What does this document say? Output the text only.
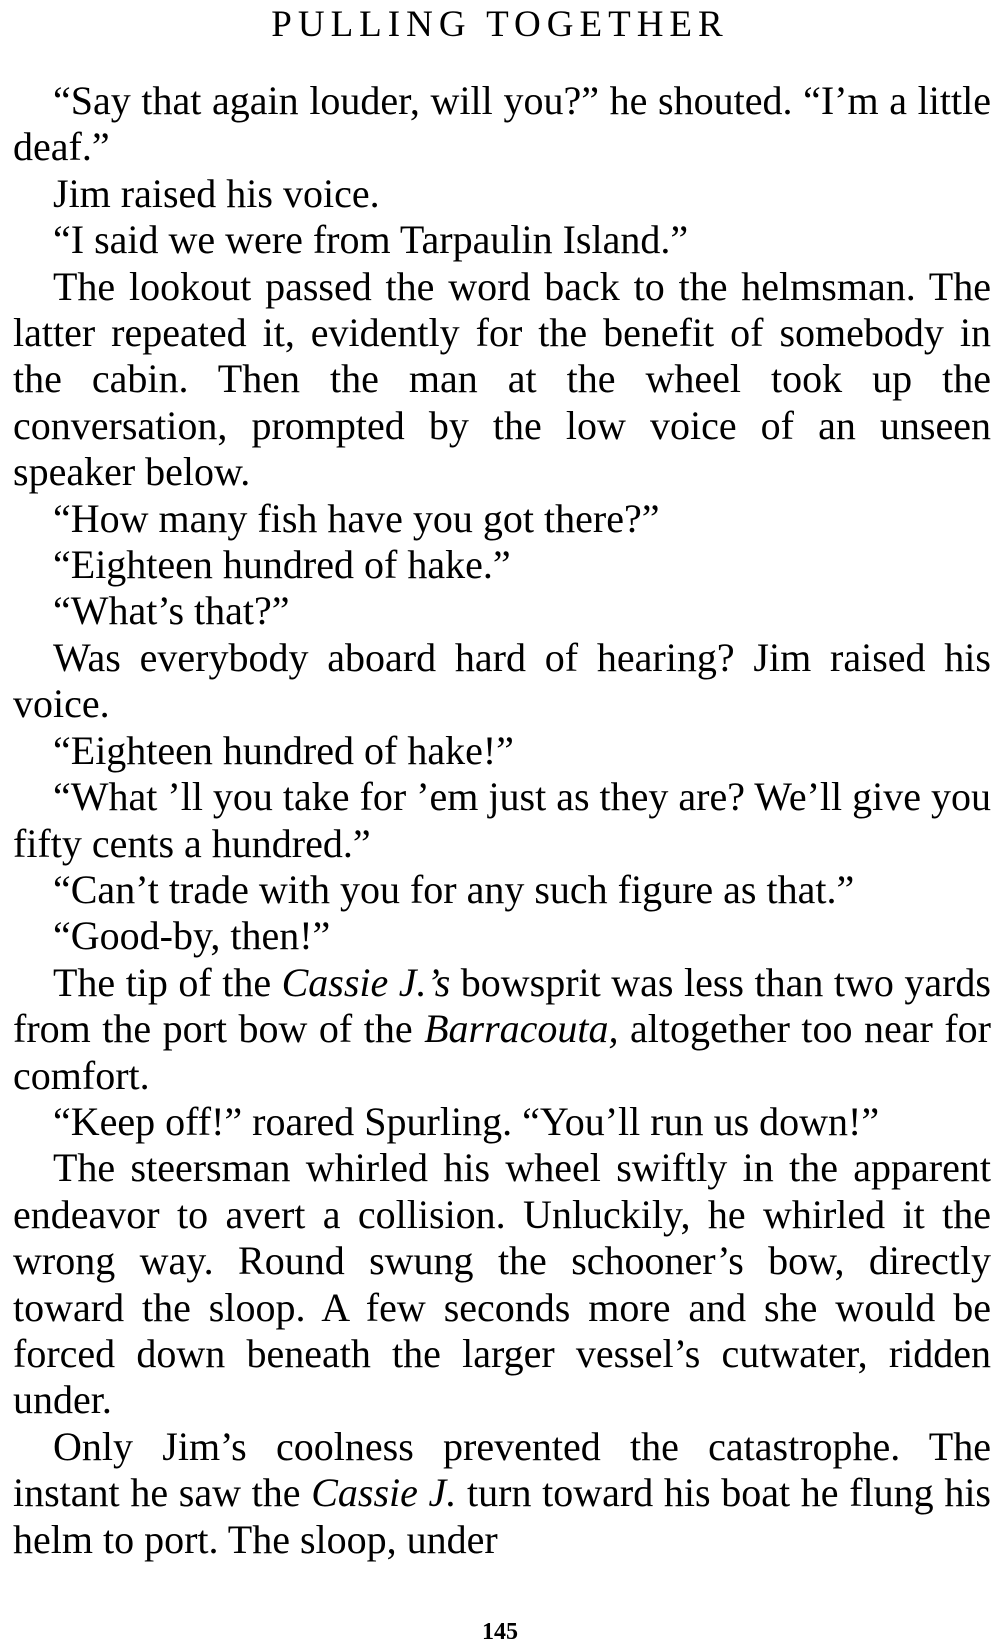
PULLING TOGETHER

“Say that again louder, will you?” he shouted. “I’m a little deaf.”

Jim raised his voice.

“I said we were from Tarpaulin Island.”

The lookout passed the word back to the helmsman. The latter repeated it, evidently for the benefit of somebody in the cabin. Then the man at the wheel took up the conversation, prompted by the low voice of an unseen speaker below.

“How many fish have you got there?”

“Eighteen hundred of hake.”

“What’s that?”

Was everybody aboard hard of hearing? Jim raised his voice.

“Eighteen hundred of hake!”

“What ’ll you take for ’em just as they are? We’ll give you fifty cents a hundred.”

“Can’t trade with you for any such figure as that.”

“Good-by, then!”

The tip of the Cassie J.’s bowsprit was less than two yards from the port bow of the Barracouta, altogether too near for comfort.

“Keep off!” roared Spurling. “You’ll run us down!”

The steersman whirled his wheel swiftly in the apparent endeavor to avert a collision. Unluckily, he whirled it the wrong way. Round swung the schooner’s bow, directly toward the sloop. A few seconds more and she would be forced down beneath the larger vessel’s cutwater, ridden under.

Only Jim’s coolness prevented the catastrophe. The instant he saw the Cassie J. turn toward his boat he flung his helm to port. The sloop, under

145
